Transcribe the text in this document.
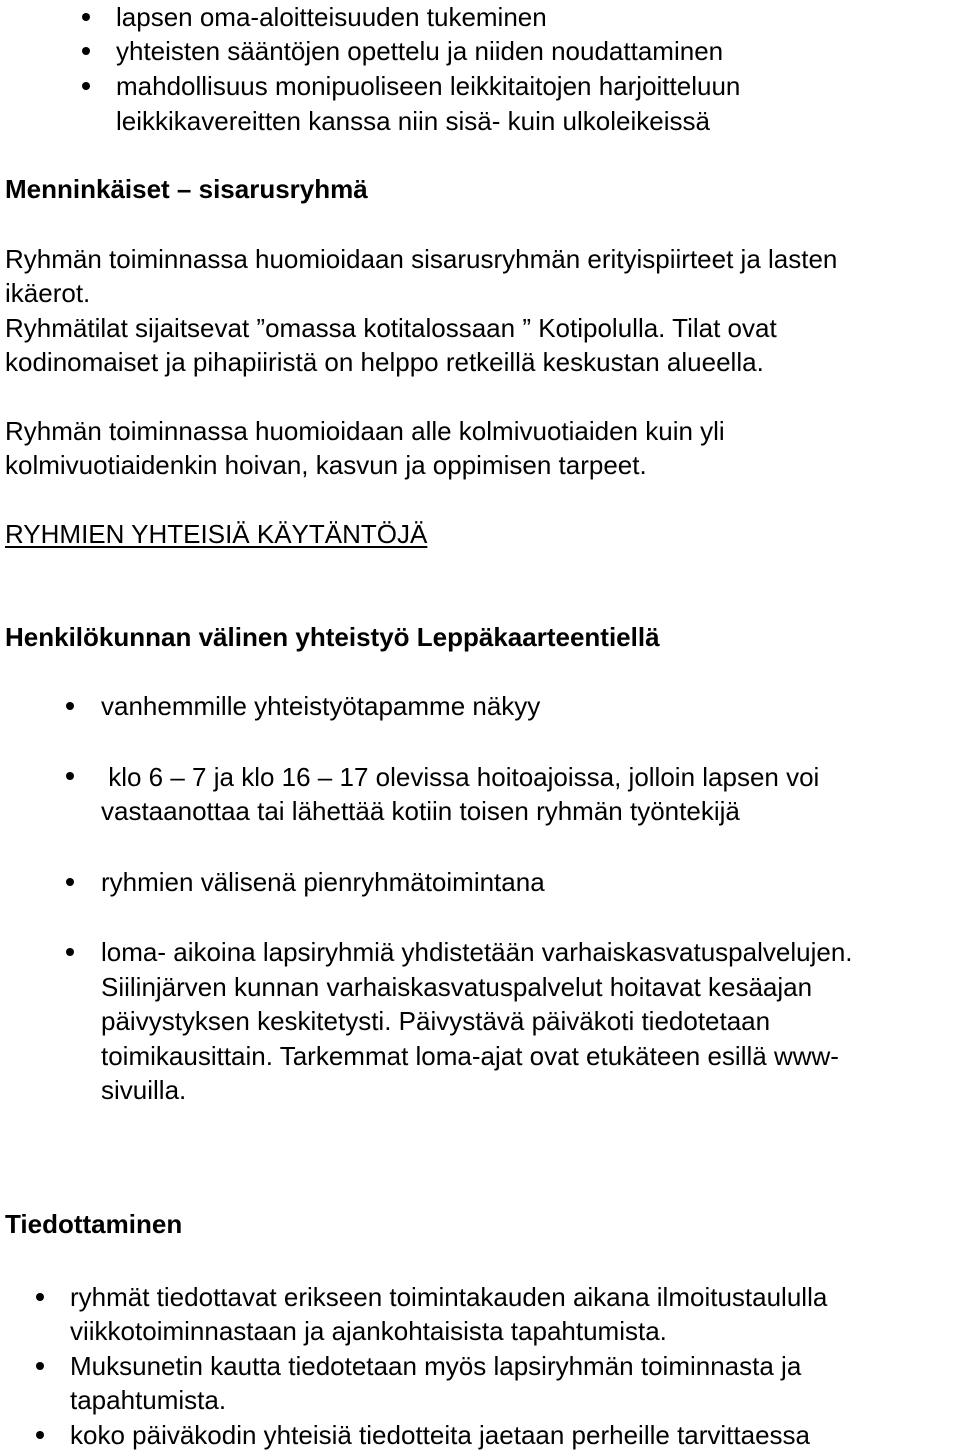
lapsen oma-aloitteisuuden tukeminen

yhteisten sääntöjen opettelu ja niiden noudattaminen

mahdollisuus monipuoliseen leikkitaitojen harjoitteluun

leikkikavereitten kanssa niin sisä- kuin ulkoleikeissä

Menninkäiset – sisarusryhmä

Ryhmän toiminnassa huomioidaan sisarusryhmän erityispiirteet ja lasten

ikäerot.

Ryhmätilat sijaitsevat ”omassa kotitalossaan ” Kotipolulla. Tilat ovat

kodinomaiset ja pihapiiristä on helppo retkeillä keskustan alueella.

Ryhmän toiminnassa huomioidaan alle kolmivuotiaiden kuin yli

kolmivuotiaidenkin hoivan, kasvun ja oppimisen tarpeet.

RYHMIEN YHTEISIÄ KÄYTÄNTÖJÄ

Henkilökunnan välinen yhteistyö Leppäkaarteentiellä

vanhemmille yhteistyötapamme näkyy

klo 6 – 7 ja klo 16 – 17 olevissa hoitoajoissa, jolloin lapsen voi

vastaanottaa tai lähettää kotiin toisen ryhmän työntekijä

ryhmien välisenä pienryhmätoimintana

loma- aikoina lapsiryhmiä yhdistetään varhaiskasvatuspalvelujen.

Siilinjärven kunnan varhaiskasvatuspalvelut hoitavat kesäajan

päivystyksen keskitetysti. Päivystävä päiväkoti tiedotetaan

toimikausittain. Tarkemmat loma-ajat ovat etukäteen esillä www-

sivuilla.

Tiedottaminen

ryhmät tiedottavat erikseen toimintakauden aikana ilmoitustaululla

viikkotoiminnastaan ja ajankohtaisista tapahtumista.

Muksunetin kautta tiedotetaan myös lapsiryhmän toiminnasta ja

tapahtumista.

koko päiväkodin yhteisiä tiedotteita jaetaan perheille tarvittaessa
